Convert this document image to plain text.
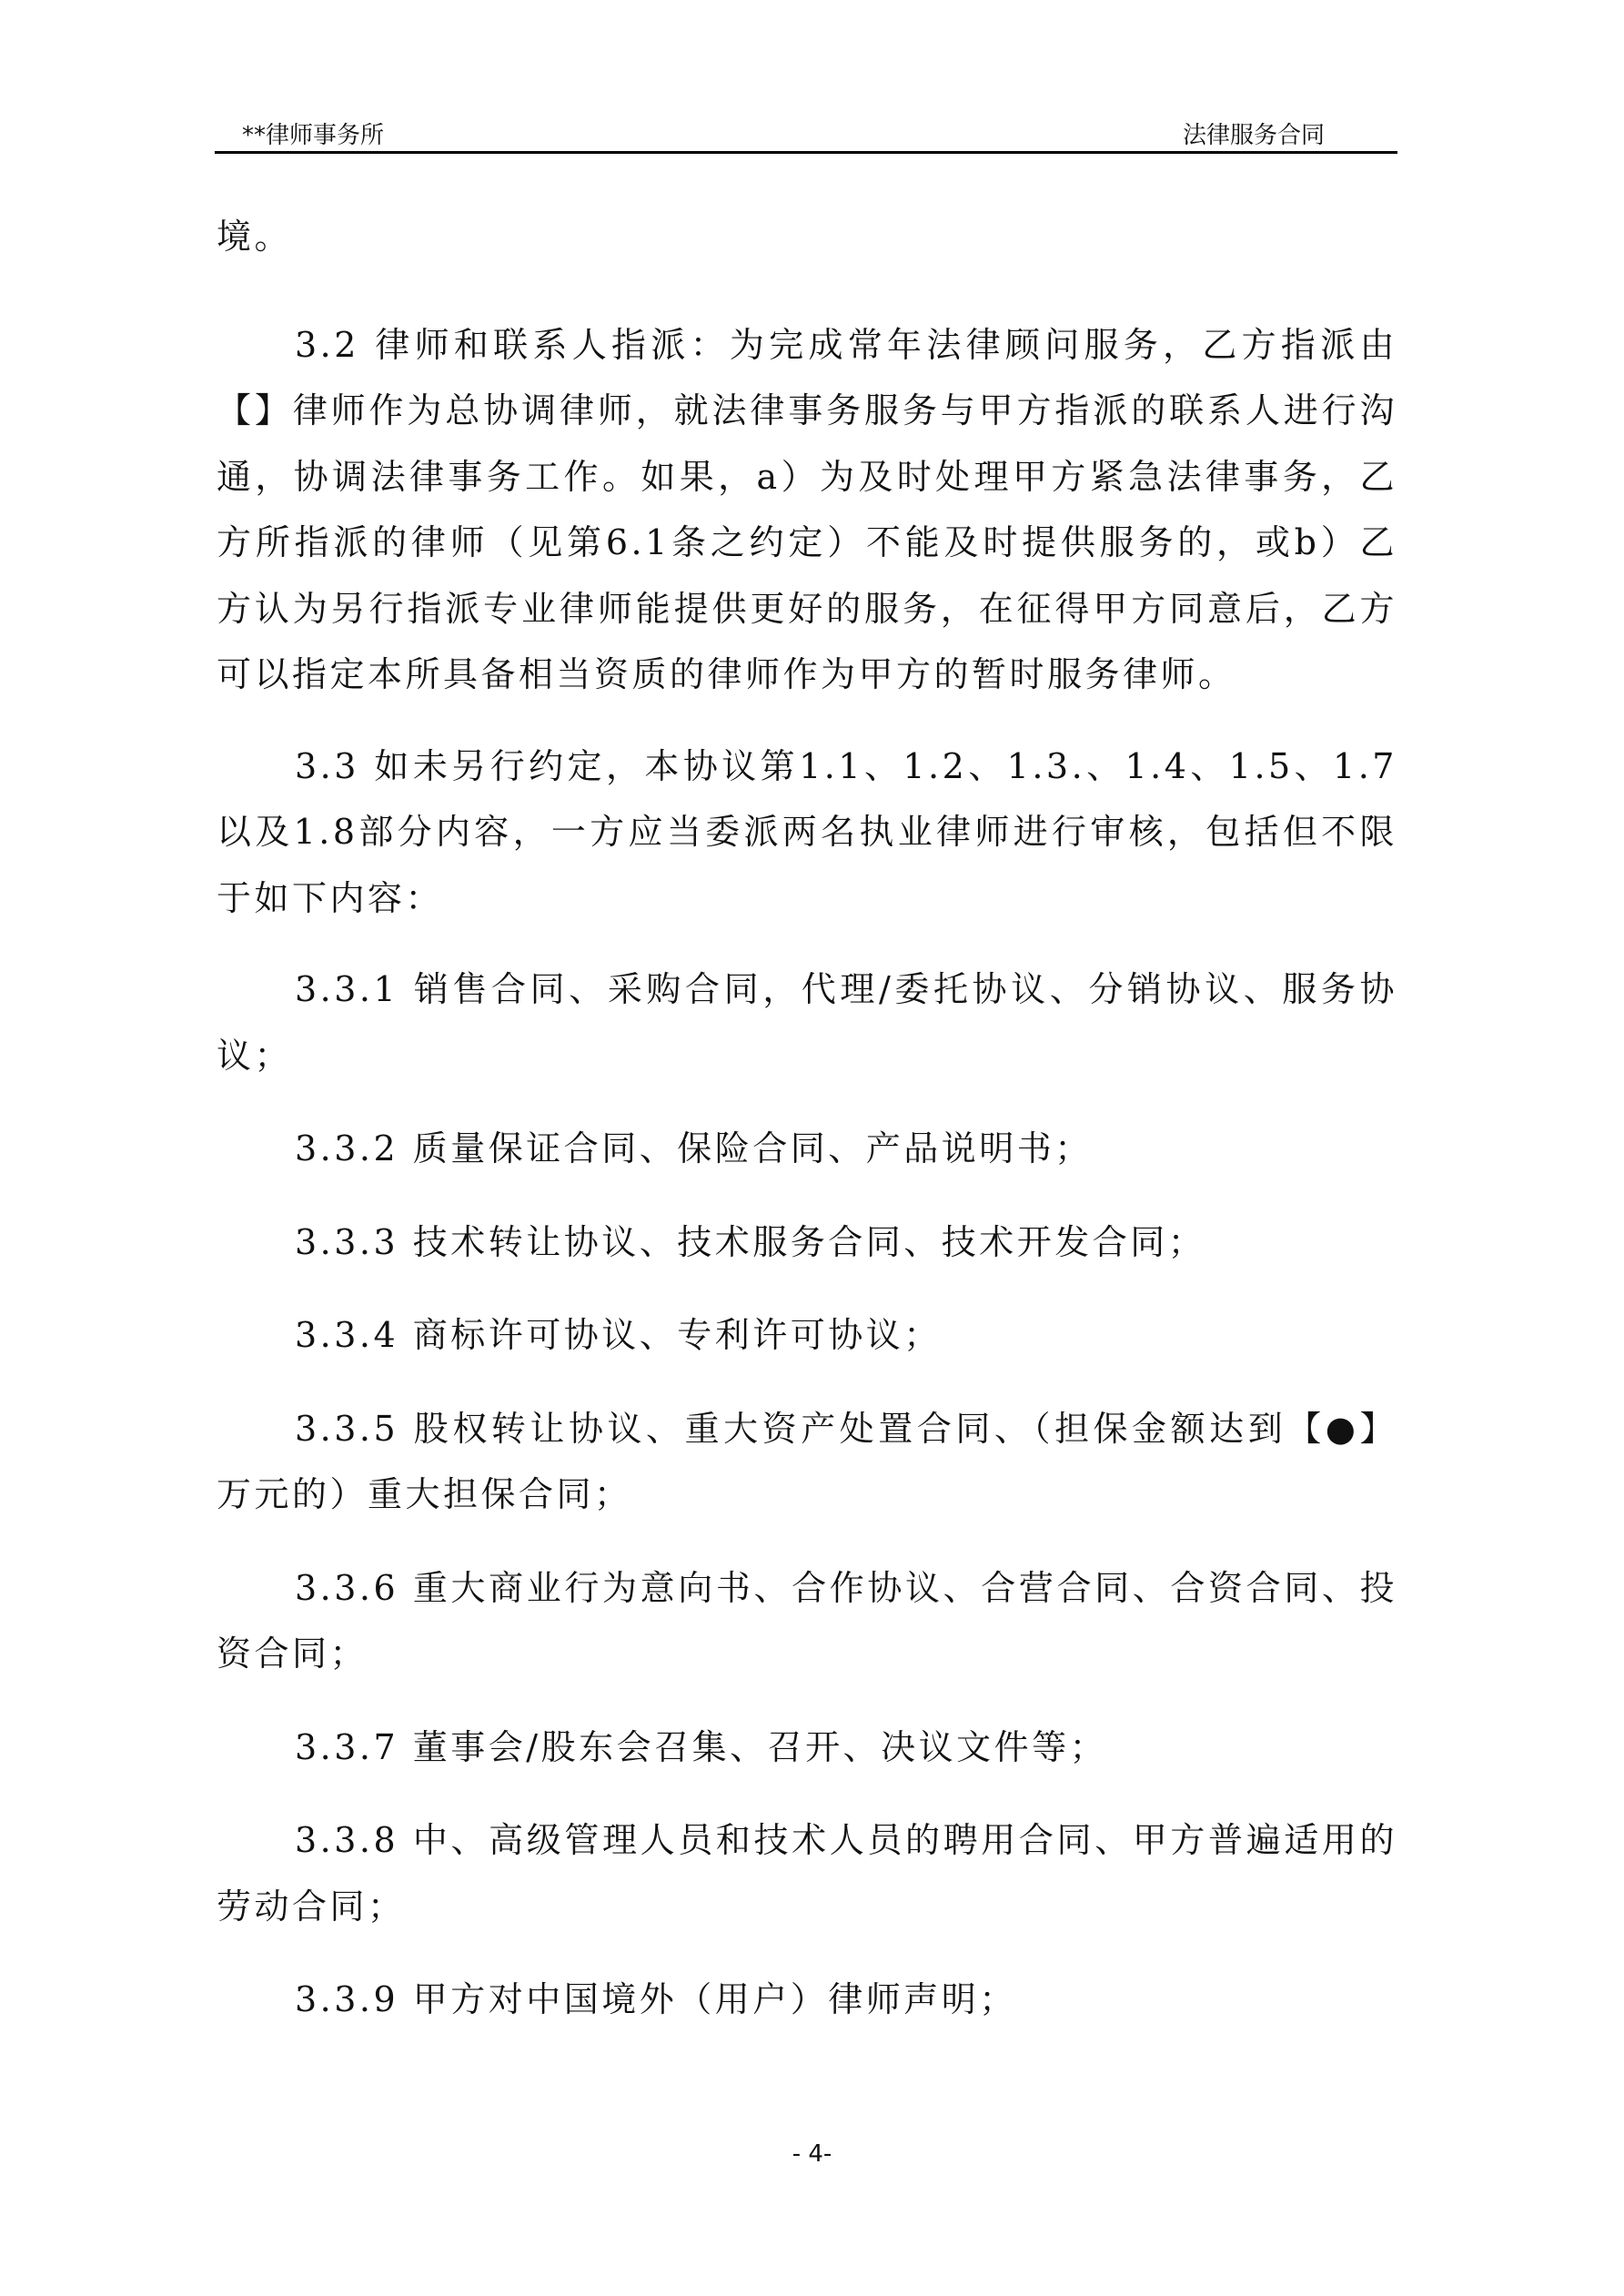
**律师事务所	法律服务合同

境。

3.2 律师和联系人指派：为完成常年法律顾问服务，乙方指派由【】律师作为总协调律师，就法律事务服务与甲方指派的联系人进行沟通，协调法律事务工作。如果，a）为及时处理甲方紧急法律事务，乙方所指派的律师（见第6.1条之约定）不能及时提供服务的，或b）乙方认为另行指派专业律师能提供更好的服务，在征得甲方同意后，乙方可以指定本所具备相当资质的律师作为甲方的暂时服务律师。

3.3 如未另行约定，本协议第1.1、1.2、1.3.、1.4、1.5、1.7以及1.8部分内容，一方应当委派两名执业律师进行审核，包括但不限于如下内容：

3.3.1 销售合同、采购合同，代理/委托协议、分销协议、服务协议；

3.3.2 质量保证合同、保险合同、产品说明书；

3.3.3 技术转让协议、技术服务合同、技术开发合同；

3.3.4 商标许可协议、专利许可协议；

3.3.5 股权转让协议、重大资产处置合同、（担保金额达到【●】万元的）重大担保合同；

3.3.6 重大商业行为意向书、合作协议、合营合同、合资合同、投资合同；

3.3.7 董事会/股东会召集、召开、决议文件等；

3.3.8 中、高级管理人员和技术人员的聘用合同、甲方普遍适用的劳动合同；

3.3.9 甲方对中国境外（用户）律师声明；

- 4-
